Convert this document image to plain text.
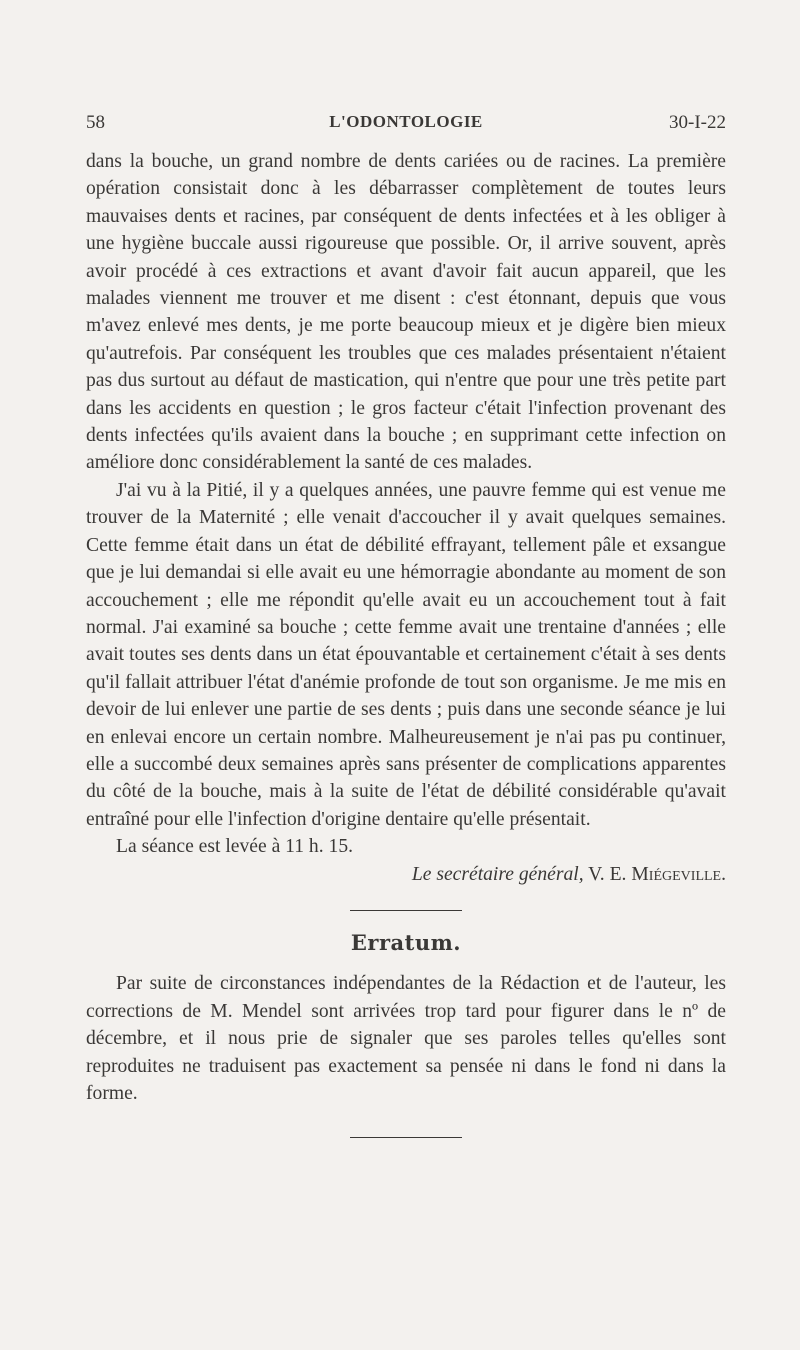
58	L'ODONTOLOGIE	30-I-22

dans la bouche, un grand nombre de dents cariées ou de racines. La première opération consistait donc à les débarrasser complètement de toutes leurs mauvaises dents et racines, par conséquent de dents infectées et à les obliger à une hygiène buccale aussi rigoureuse que possible. Or, il arrive souvent, après avoir procédé à ces extractions et avant d'avoir fait aucun appareil, que les malades viennent me trouver et me disent : c'est étonnant, depuis que vous m'avez enlevé mes dents, je me porte beaucoup mieux et je digère bien mieux qu'autrefois. Par conséquent les troubles que ces malades présentaient n'étaient pas dus surtout au défaut de mastication, qui n'entre que pour une très petite part dans les accidents en question ; le gros facteur c'était l'infection provenant des dents infectées qu'ils avaient dans la bouche ; en supprimant cette infection on améliore donc considérablement la santé de ces malades.

J'ai vu à la Pitié, il y a quelques années, une pauvre femme qui est venue me trouver de la Maternité ; elle venait d'accoucher il y avait quelques semaines. Cette femme était dans un état de débilité effrayant, tellement pâle et exsangue que je lui demandai si elle avait eu une hémorragie abondante au moment de son accouchement ; elle me répondit qu'elle avait eu un accouchement tout à fait normal. J'ai examiné sa bouche ; cette femme avait une trentaine d'années ; elle avait toutes ses dents dans un état épouvantable et certainement c'était à ses dents qu'il fallait attribuer l'état d'anémie profonde de tout son organisme. Je me mis en devoir de lui enlever une partie de ses dents ; puis dans une seconde séance je lui en enlevai encore un certain nombre. Malheureusement je n'ai pas pu continuer, elle a succombé deux semaines après sans présenter de complications apparentes du côté de la bouche, mais à la suite de l'état de débilité considérable qu'avait entraîné pour elle l'infection d'origine dentaire qu'elle présentait.

La séance est levée à 11 h. 15.

Le secrétaire général, V. E. Miégeville.

Erratum.

Par suite de circonstances indépendantes de la Rédaction et de l'auteur, les corrections de M. Mendel sont arrivées trop tard pour figurer dans le nº de décembre, et il nous prie de signaler que ses paroles telles qu'elles sont reproduites ne traduisent pas exactement sa pensée ni dans le fond ni dans la forme.
